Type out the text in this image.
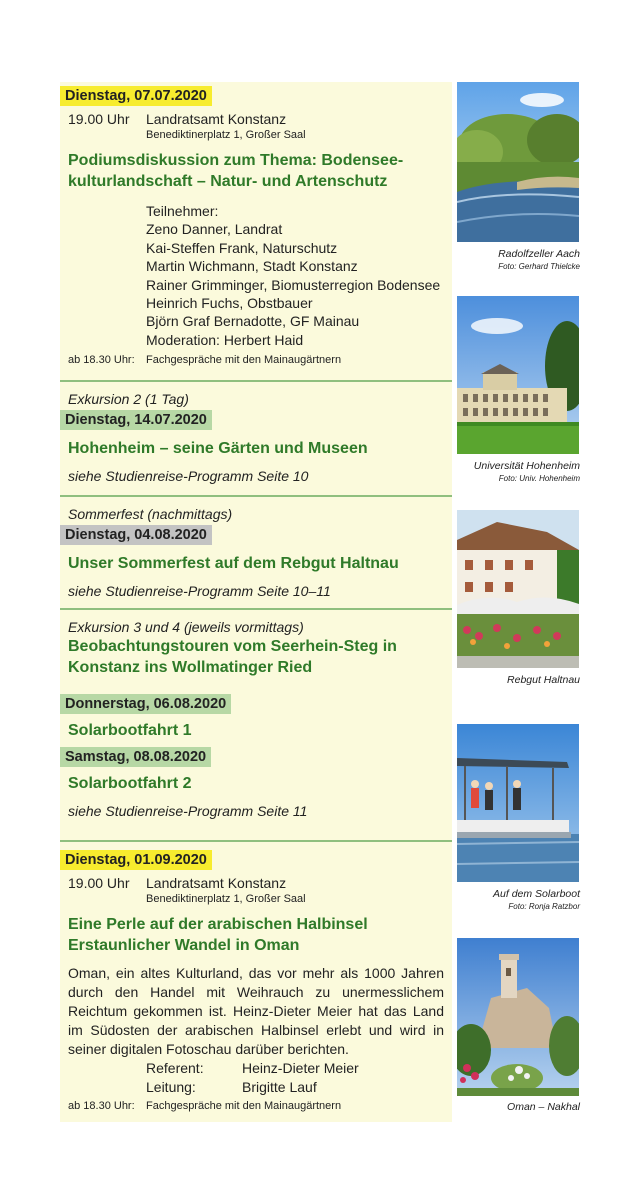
Dienstag, 07.07.2020
19.00 Uhr	Landratsamt Konstanz
Benediktinerplatz 1, Großer Saal
Podiumsdiskussion zum Thema: Bodensee-
kulturlandschaft – Natur- und Artenschutz
Teilnehmer:
Zeno Danner, Landrat
Kai-Steffen Frank, Naturschutz
Martin Wichmann, Stadt Konstanz
Rainer Grimminger, Biomusterregion Bodensee
Heinrich Fuchs, Obstbauer
Björn Graf Bernadotte, GF Mainau
Moderation: Herbert Haid
ab 18.30 Uhr:	Fachgespräche mit den Mainaugärtnern
Exkursion 2 (1 Tag)
Dienstag, 14.07.2020
Hohenheim – seine Gärten und Museen
siehe Studienreise-Programm Seite 10
Sommerfest (nachmittags)
Dienstag, 04.08.2020
Unser Sommerfest auf dem Rebgut Haltnau
siehe Studienreise-Programm Seite 10–11
Exkursion 3 und 4 (jeweils vormittags)
Beobachtungstouren vom Seerhein-Steg in
Konstanz ins Wollmatinger Ried
Donnerstag, 06.08.2020
Solarbootfahrt 1
Samstag, 08.08.2020
Solarbootfahrt 2
siehe Studienreise-Programm Seite 11
Dienstag, 01.09.2020
19.00 Uhr	Landratsamt Konstanz
Benediktinerplatz 1, Großer Saal
Eine Perle auf der arabischen Halbinsel
Erstaunlicher Wandel in Oman
Oman, ein altes Kulturland, das vor mehr als 1000 Jahren durch den Handel mit Weihrauch zu unermesslichem Reichtum gekommen ist. Heinz-Dieter Meier hat das Land im Südosten der arabischen Halbinsel erlebt und wird in seiner digitalen Fotoschau darüber berichten.
Referent:	Heinz-Dieter Meier
Leitung:	Brigitte Lauf
ab 18.30 Uhr:	Fachgespräche mit den Mainaugärtnern
Radolfzeller Aach
Foto: Gerhard Thielcke
Universität Hohenheim
Foto: Univ. Hohenheim
Rebgut Haltnau
Auf dem Solarboot
Foto: Ronja Ratzbor
Oman – Nakhal
